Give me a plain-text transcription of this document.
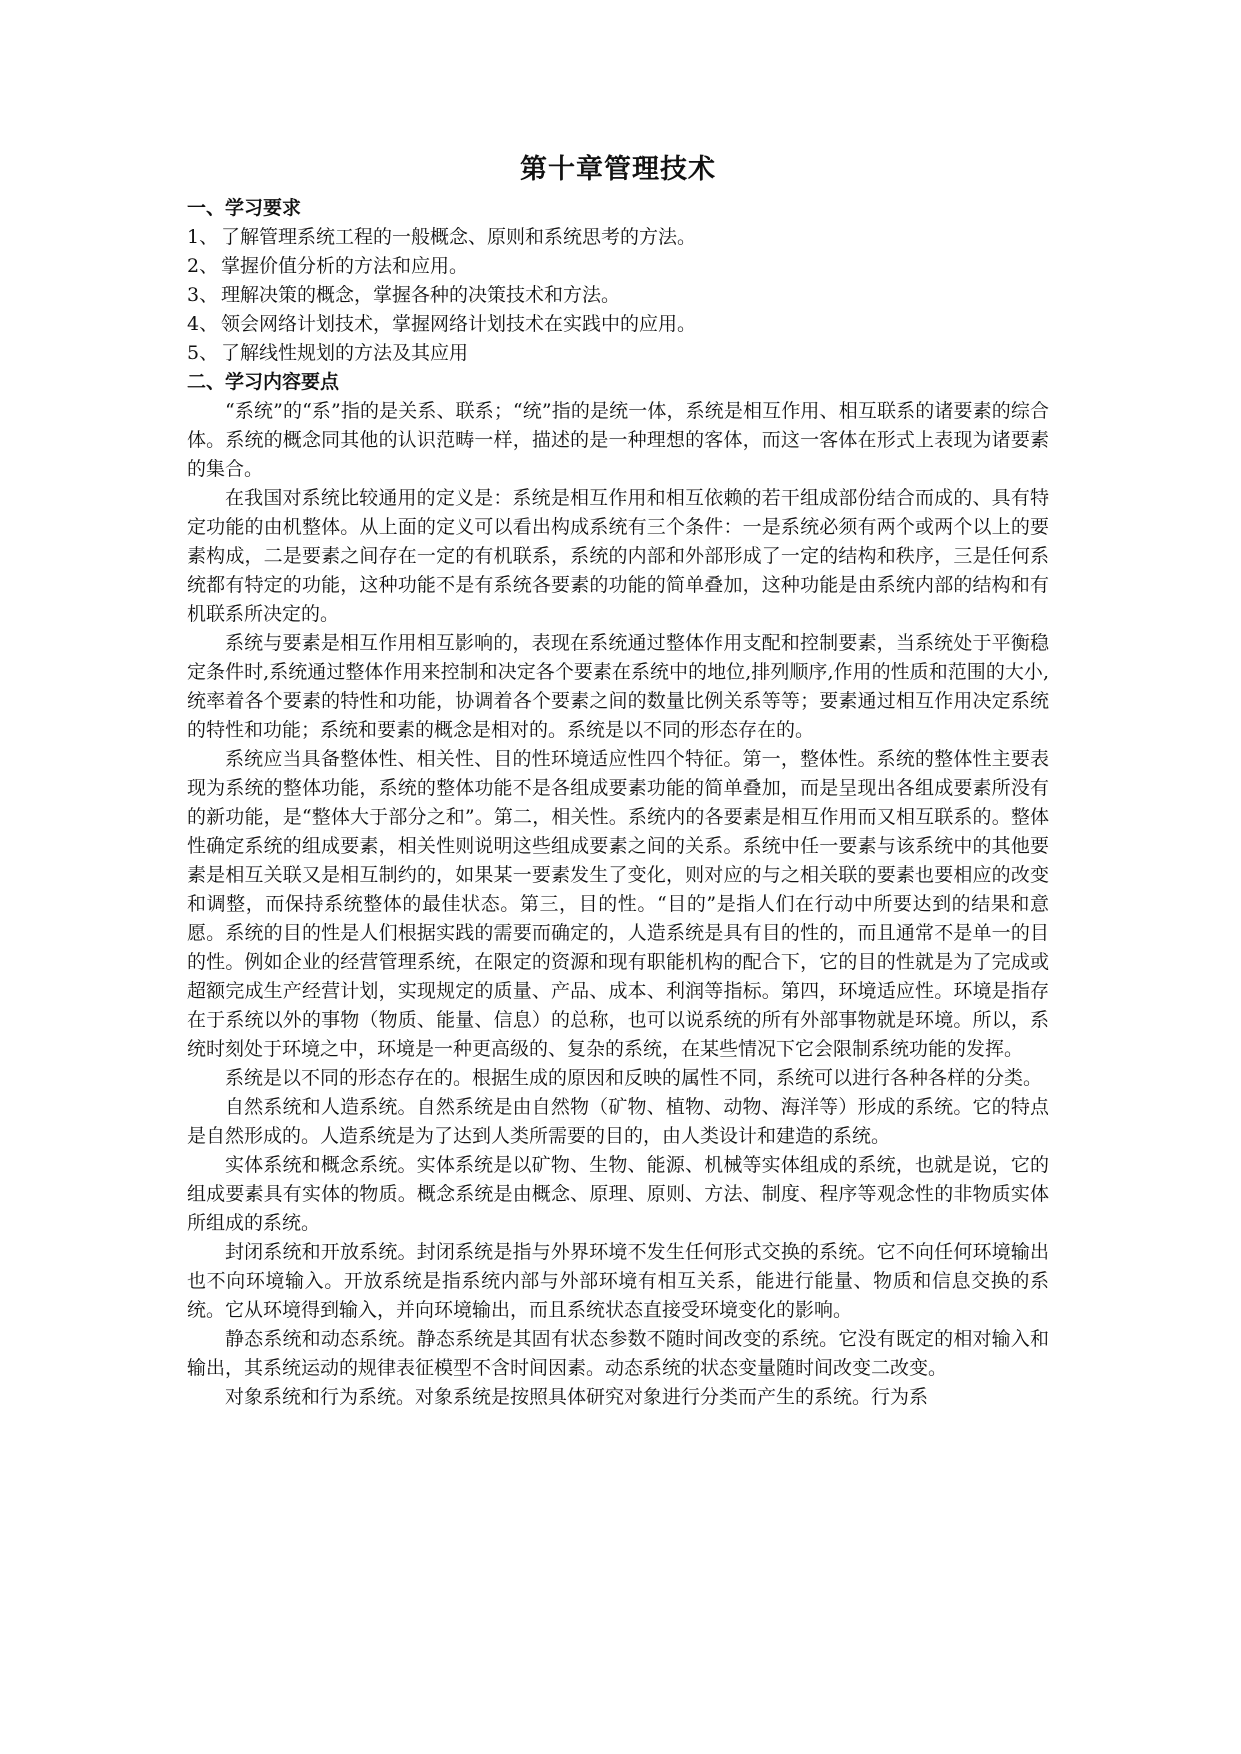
第十章管理技术
一、学习要求
1、 了解管理系统工程的一般概念、原则和系统思考的方法。
2、 掌握价值分析的方法和应用。
3、 理解决策的概念，掌握各种的决策技术和方法。
4、 领会网络计划技术，掌握网络计划技术在实践中的应用。
5、 了解线性规划的方法及其应用
二、学习内容要点

“系统”的“系”指的是关系、联系；“统”指的是统一体，系统是相互作用、相互联系的诸要素的综合体。系统的概念同其他的认识范畴一样，描述的是一种理想的客体，而这一客体在形式上表现为诸要素的集合。

在我国对系统比较通用的定义是：系统是相互作用和相互依赖的若干组成部份结合而成的、具有特定功能的由机整体。从上面的定义可以看出构成系统有三个条件：一是系统必须有两个或两个以上的要素构成，二是要素之间存在一定的有机联系，系统的内部和外部形成了一定的结构和秩序，三是任何系统都有特定的功能，这种功能不是有系统各要素的功能的简单叠加，这种功能是由系统内部的结构和有机联系所决定的。

系统与要素是相互作用相互影响的，表现在系统通过整体作用支配和控制要素，当系统处于平衡稳定条件时,系统通过整体作用来控制和决定各个要素在系统中的地位,排列顺序,作用的性质和范围的大小,统率着各个要素的特性和功能，协调着各个要素之间的数量比例关系等等；要素通过相互作用决定系统的特性和功能；系统和要素的概念是相对的。系统是以不同的形态存在的。

系统应当具备整体性、相关性、目的性环境适应性四个特征。第一，整体性。系统的整体性主要表现为系统的整体功能，系统的整体功能不是各组成要素功能的简单叠加，而是呈现出各组成要素所没有的新功能，是“整体大于部分之和”。第二，相关性。系统内的各要素是相互作用而又相互联系的。整体性确定系统的组成要素，相关性则说明这些组成要素之间的关系。系统中任一要素与该系统中的其他要素是相互关联又是相互制约的，如果某一要素发生了变化，则对应的与之相关联的要素也要相应的改变和调整，而保持系统整体的最佳状态。第三，目的性。“目的”是指人们在行动中所要达到的结果和意愿。系统的目的性是人们根据实践的需要而确定的，人造系统是具有目的性的，而且通常不是单一的目的性。例如企业的经营管理系统，在限定的资源和现有职能机构的配合下，它的目的性就是为了完成或超额完成生产经营计划，实现规定的质量、产品、成本、利润等指标。第四，环境适应性。环境是指存在于系统以外的事物（物质、能量、信息）的总称，也可以说系统的所有外部事物就是环境。所以，系统时刻处于环境之中，环境是一种更高级的、复杂的系统，在某些情况下它会限制系统功能的发挥。

系统是以不同的形态存在的。根据生成的原因和反映的属性不同，系统可以进行各种各样的分类。

自然系统和人造系统。自然系统是由自然物（矿物、植物、动物、海洋等）形成的系统。它的特点是自然形成的。人造系统是为了达到人类所需要的目的，由人类设计和建造的系统。

实体系统和概念系统。实体系统是以矿物、生物、能源、机械等实体组成的系统，也就是说，它的组成要素具有实体的物质。概念系统是由概念、原理、原则、方法、制度、程序等观念性的非物质实体所组成的系统。

封闭系统和开放系统。封闭系统是指与外界环境不发生任何形式交换的系统。它不向任何环境输出也不向环境输入。开放系统是指系统内部与外部环境有相互关系，能进行能量、物质和信息交换的系统。它从环境得到输入，并向环境输出，而且系统状态直接受环境变化的影响。

静态系统和动态系统。静态系统是其固有状态参数不随时间改变的系统。它没有既定的相对输入和输出，其系统运动的规律表征模型不含时间因素。动态系统的状态变量随时间改变二改变。

对象系统和行为系统。对象系统是按照具体研究对象进行分类而产生的系统。行为系
